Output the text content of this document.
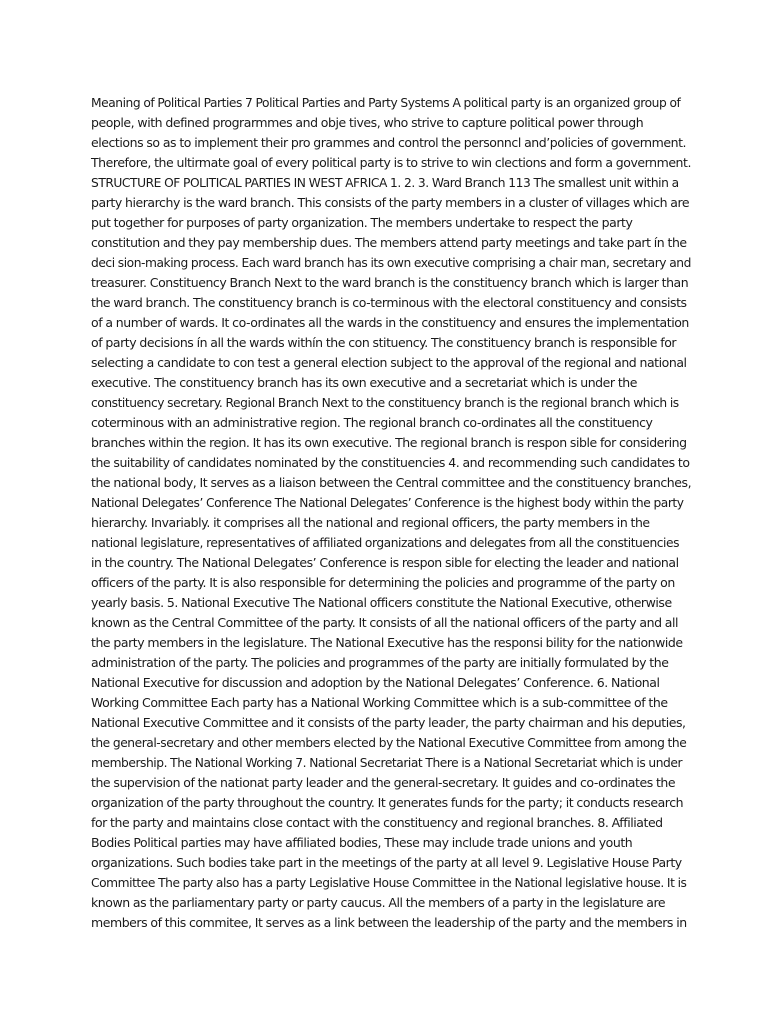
Meaning of Political Parties 7 Political Parties and Party Systems A political party is an organized group of
people, with defined prograrmmes and obje tives, who strive to capture political power through
elections so as to implement their pro grammes and control the personncl and’policies of government.
Therefore, the ultirmate goal of every political party is to strive to win clections and form a government.
STRUCTURE OF POLITICAL PARTIES IN WEST AFRICA 1. 2. 3. Ward Branch 113 The smallest unit within a
party hierarchy is the ward branch. This consists of the party members in a cluster of villages which are
put together for purposes of party organization. The members undertake to respect the party
constitution and they pay membership dues. The members attend party meetings and take part ín the
deci sion-making process. Each ward branch has its own executive comprising a chair man, secretary and
treasurer. Constituency Branch Next to the ward branch is the constituency branch which is larger than
the ward branch. The constituency branch is co-terminous with the electoral constituency and consists
of a number of wards. It co-ordinates all the wards in the constituency and ensures the implementation
of party decisions ín all the wards withín the con stituency. The constituency branch is responsible for
selecting a candidate to con test a general election subject to the approval of the regional and national
executive. The constituency branch has its own executive and a secretariat which is under the
constituency secretary. Regional Branch Next to the constituency branch is the regional branch which is
coterminous with an administrative region. The regional branch co-ordinates all the constituency
branches within the region. It has its own executive. The regional branch is respon sible for considering
the suitability of candidates nominated by the constituencies 4. and recommending such candidates to
the national body, It serves as a liaison between the Central committee and the constituency branches,
National Delegates’ Conference The National Delegates’ Conference is the highest body within the party
hierarchy. Invariably. it comprises all the national and regional officers, the party members in the
national legislature, representatives of affiliated organizations and delegates from all the constituencies
in the country. The National Delegates’ Conference is respon sible for electing the leader and national
officers of the party. It is also responsible for determining the policies and programme of the party on
yearly basis. 5. National Executive The National officers constitute the National Executive, otherwise
known as the Central Committee of the party. It consists of all the national officers of the party and all
the party members in the legislature. The National Executive has the responsi bility for the nationwide
administration of the party. The policies and programmes of the party are initially formulated by the
National Executive for discussion and adoption by the National Delegates’ Conference. 6. National
Working Committee Each party has a National Working Committee which is a sub-committee of the
National Executive Committee and it consists of the party leader, the party chairman and his deputies,
the general-secretary and other members elected by the National Executive Committee from among the
membership. The National Working 7. National Secretariat There is a National Secretariat which is under
the supervision of the nationat party leader and the general-secretary. It guides and co-ordinates the
organization of the party throughout the country. It generates funds for the party; it conducts research
for the party and maintains close contact with the constituency and regional branches. 8. Affiliated
Bodies Political parties may have affiliated bodies, These may include trade unions and youth
organizations. Such bodies take part in the meetings of the party at all level 9. Legislative House Party
Committee The party also has a party Legislative House Committee in the National legislative house. It is
known as the parliamentary party or party caucus. All the members of a party in the legislature are
members of this commitee, It serves as a link between the leadership of the party and the members in
